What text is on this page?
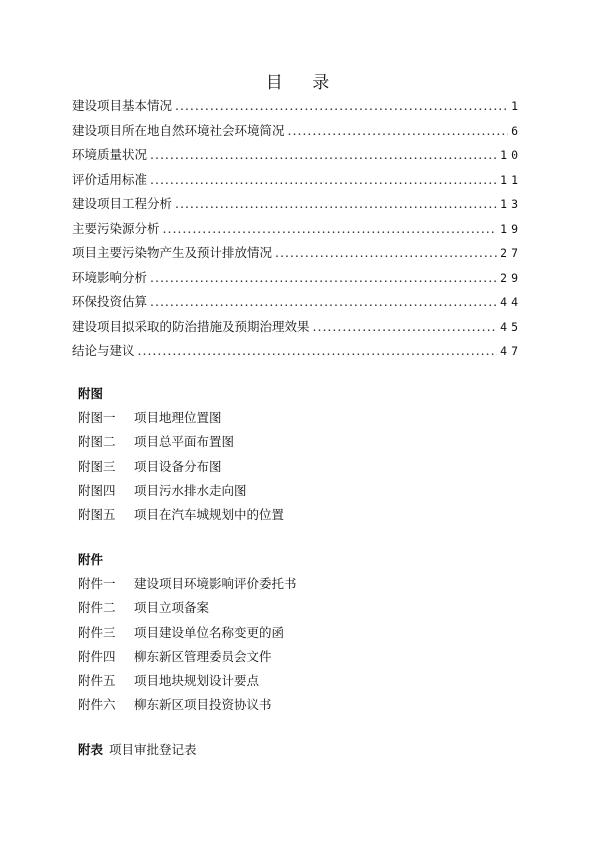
目 录
建设项目基本情况 .....	1
建设项目所在地自然环境社会环境简况 .....	6
环境质量状况 .....	10
评价适用标准 .....	11
建设项目工程分析 .....	13
主要污染源分析 .....	19
项目主要污染物产生及预计排放情况 .....	27
环境影响分析 .....	29
环保投资估算 .....	44
建设项目拟采取的防治措施及预期治理效果 .....	45
结论与建议 .....	47
附图
附图一	项目地理位置图
附图二	项目总平面布置图
附图三	项目设备分布图
附图四	项目污水排水走向图
附图五	项目在汽车城规划中的位置
附件
附件一	建设项目环境影响评价委托书
附件二	项目立项备案
附件三	项目建设单位名称变更的函
附件四	柳东新区管理委员会文件
附件五	项目地块规划设计要点
附件六	柳东新区项目投资协议书
附表 项目审批登记表
